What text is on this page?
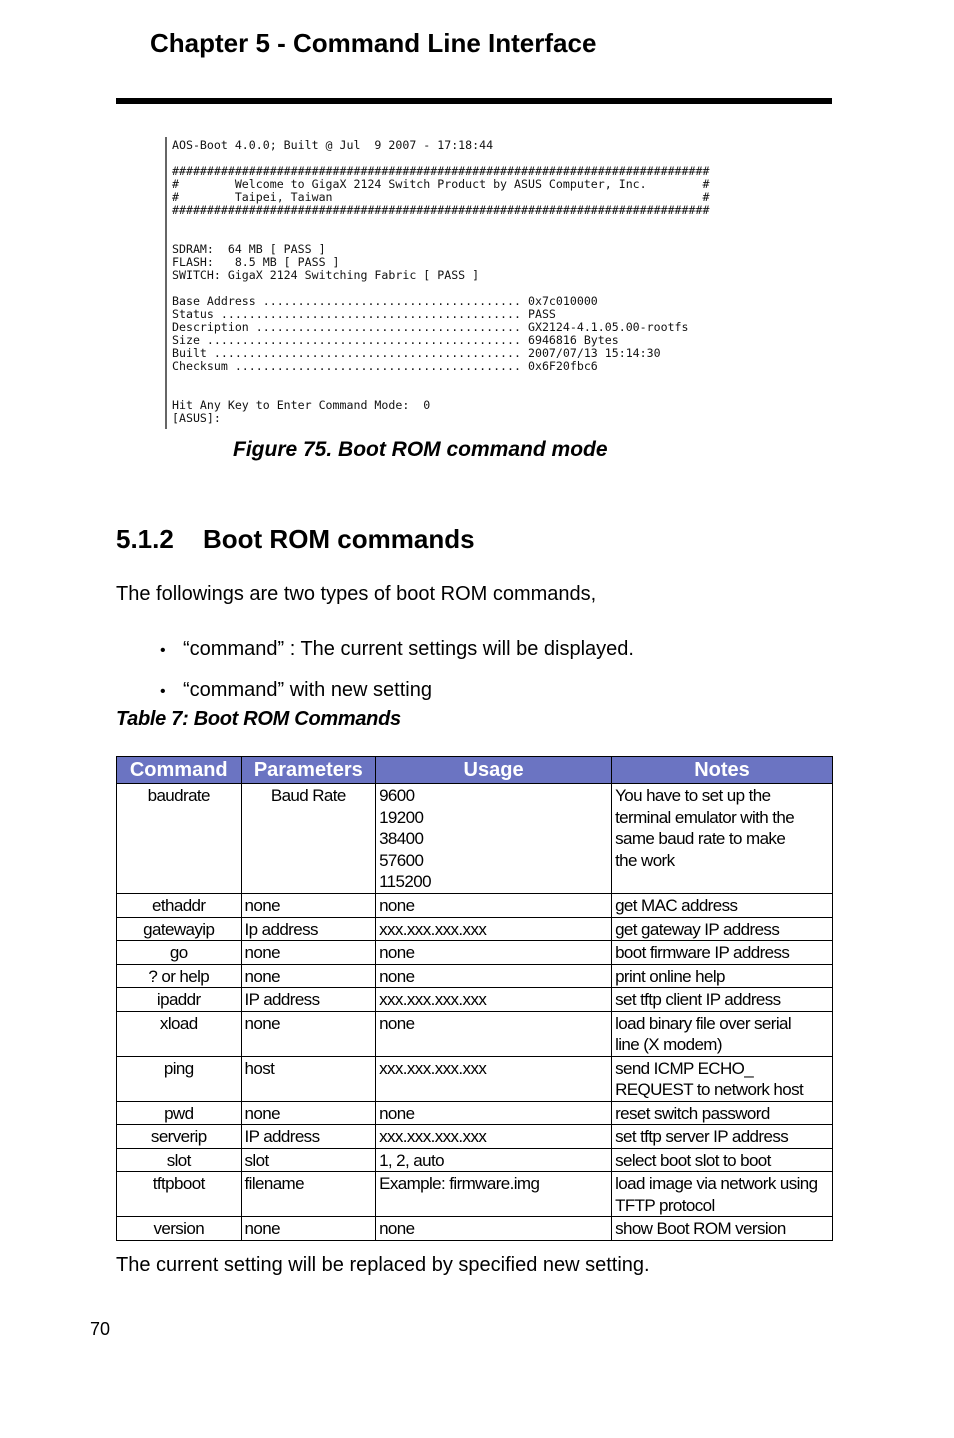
Chapter 5 - Command Line Interface
AOS-Boot 4.0.0; Built @ Jul  9 2007 - 17:18:44

#############################################################################
#        Welcome to GigaX 2124 Switch Product by ASUS Computer, Inc.        #
#        Taipei, Taiwan                                                     #
#############################################################################

SDRAM:  64 MB [ PASS ]
FLASH:   8.5 MB [ PASS ]
SWITCH: GigaX 2124 Switching Fabric [ PASS ]

Base Address ..................................... 0x7c010000
Status ........................................... PASS
Description ...................................... GX2124-4.1.05.00-rootfs
Size ............................................. 6946816 Bytes
Built ............................................ 2007/07/13 15:14:30
Checksum ......................................... 0x6F20fbc6

Hit Any Key to Enter Command Mode:  0
[ASUS]:

Figure 75. Boot ROM command mode
5.1.2 Boot ROM commands
The followings are two types of boot ROM commands,
• “command” : The current settings will be displayed.
• “command” with new setting
Table 7: Boot ROM Commands
Command	Parameters	Usage	Notes
baudrate	Baud Rate	9600
19200
38400
57600
115200	You have to set up the
terminal emulator with the
same baud rate to make
the work
ethaddr	none	none	get MAC address
gatewayip	Ip address	xxx.xxx.xxx.xxx	get gateway IP address
go	none	none	boot firmware IP address
? or help	none	none	print online help
ipaddr	IP address	xxx.xxx.xxx.xxx	set tftp client IP address
xload	none	none	load binary file over serial
line (X modem)
ping	host	xxx.xxx.xxx.xxx	send ICMP ECHO_
REQUEST to network host
pwd	none	none	reset switch password
serverip	IP address	xxx.xxx.xxx.xxx	set tftp server IP address
slot	slot	1, 2, auto	select boot slot to boot
tftpboot	filename	Example: firmware.img	load image via network using
TFTP protocol
version	none	none	show Boot ROM version
The current setting will be replaced by specified new setting.
70
